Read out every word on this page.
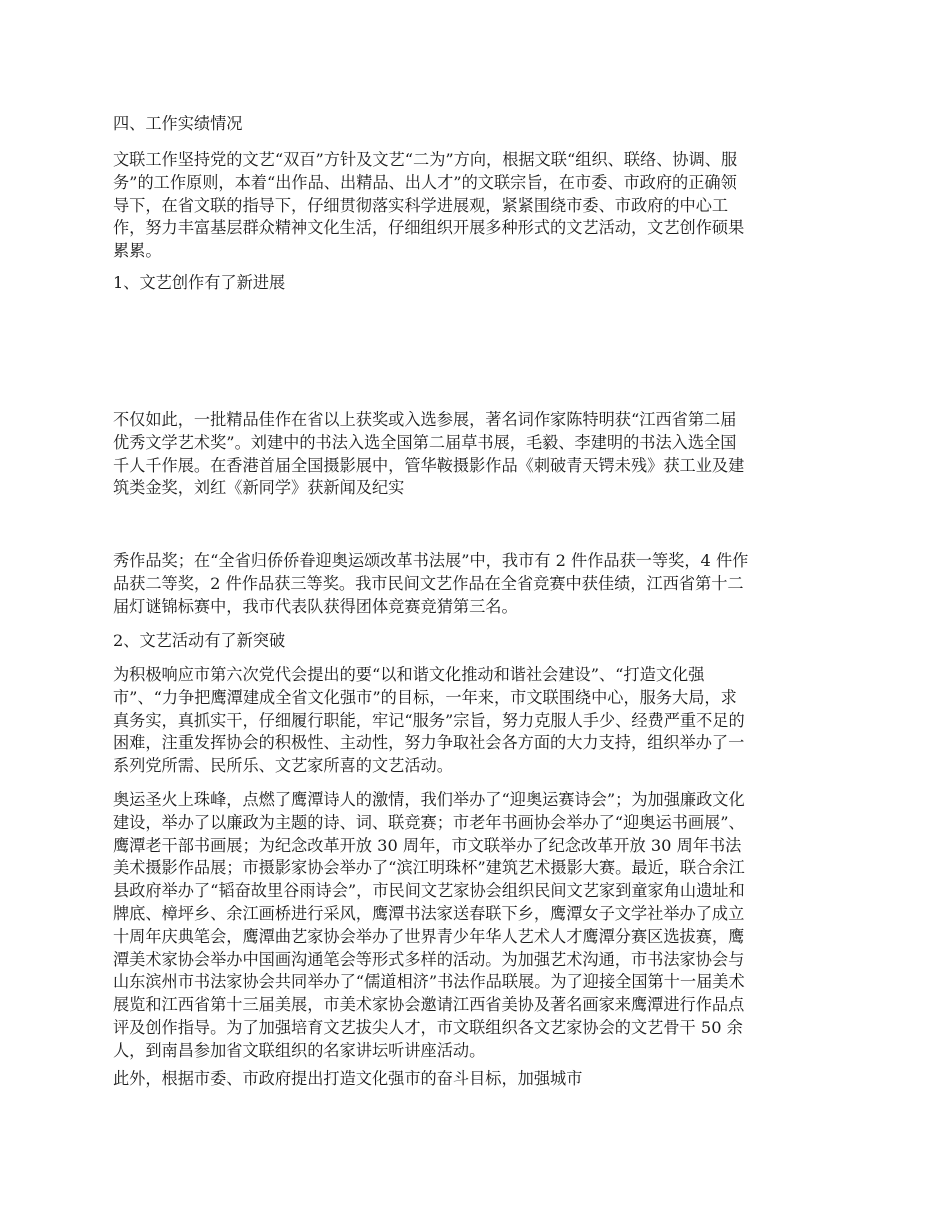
四、工作实绩情况

文联工作坚持党的文艺“双百”方针及文艺“二为”方向，根据文联“组织、联络、协调、服
务”的工作原则，本着“出作品、出精品、出人才”的文联宗旨，在市委、市政府的正确领
导下，在省文联的指导下，仔细贯彻落实科学进展观，紧紧围绕市委、市政府的中心工
作，努力丰富基层群众精神文化生活，仔细组织开展多种形式的文艺活动，文艺创作硕果
累累。

1、文艺创作有了新进展

不仅如此，一批精品佳作在省以上获奖或入选参展，著名词作家陈特明获“江西省第二届
优秀文学艺术奖”。刘建中的书法入选全国第二届草书展，毛毅、李建明的书法入选全国
千人千作展。在香港首届全国摄影展中，管华鞍摄影作品《刺破青天锷未残》获工业及建
筑类金奖，刘红《新同学》获新闻及纪实

秀作品奖；在“全省归侨侨眷迎奥运颂改革书法展”中，我市有 2 件作品获一等奖，4 件作
品获二等奖，2 件作品获三等奖。我市民间文艺作品在全省竞赛中获佳绩，江西省第十二
届灯谜锦标赛中，我市代表队获得团体竞赛竞猜第三名。

2、文艺活动有了新突破

为积极响应市第六次党代会提出的要“以和谐文化推动和谐社会建设”、“打造文化强
市”、“力争把鹰潭建成全省文化强市”的目标，一年来，市文联围绕中心，服务大局，求
真务实，真抓实干，仔细履行职能，牢记“服务”宗旨，努力克服人手少、经费严重不足的
困难，注重发挥协会的积极性、主动性，努力争取社会各方面的大力支持，组织举办了一
系列党所需、民所乐、文艺家所喜的文艺活动。

奥运圣火上珠峰，点燃了鹰潭诗人的激情，我们举办了“迎奥运赛诗会”；为加强廉政文化
建设，举办了以廉政为主题的诗、词、联竞赛；市老年书画协会举办了“迎奥运书画展”、
鹰潭老干部书画展；为纪念改革开放 30 周年，市文联举办了纪念改革开放 30 周年书法
美术摄影作品展；市摄影家协会举办了“滨江明珠杯”建筑艺术摄影大赛。最近，联合余江
县政府举办了“韬奋故里谷雨诗会”，市民间文艺家协会组织民间文艺家到童家角山遗址和
牌底、樟坪乡、余江画桥进行采风，鹰潭书法家送春联下乡，鹰潭女子文学社举办了成立
十周年庆典笔会，鹰潭曲艺家协会举办了世界青少年华人艺术人才鹰潭分赛区选拔赛，鹰
潭美术家协会举办中国画沟通笔会等形式多样的活动。为加强艺术沟通，市书法家协会与
山东滨州市书法家协会共同举办了“儒道相济”书法作品联展。为了迎接全国第十一届美术
展览和江西省第十三届美展，市美术家协会邀请江西省美协及著名画家来鹰潭进行作品点
评及创作指导。为了加强培育文艺拔尖人才，市文联组织各文艺家协会的文艺骨干 50 余
人，到南昌参加省文联组织的名家讲坛听讲座活动。

此外，根据市委、市政府提出打造文化强市的奋斗目标，加强城市
